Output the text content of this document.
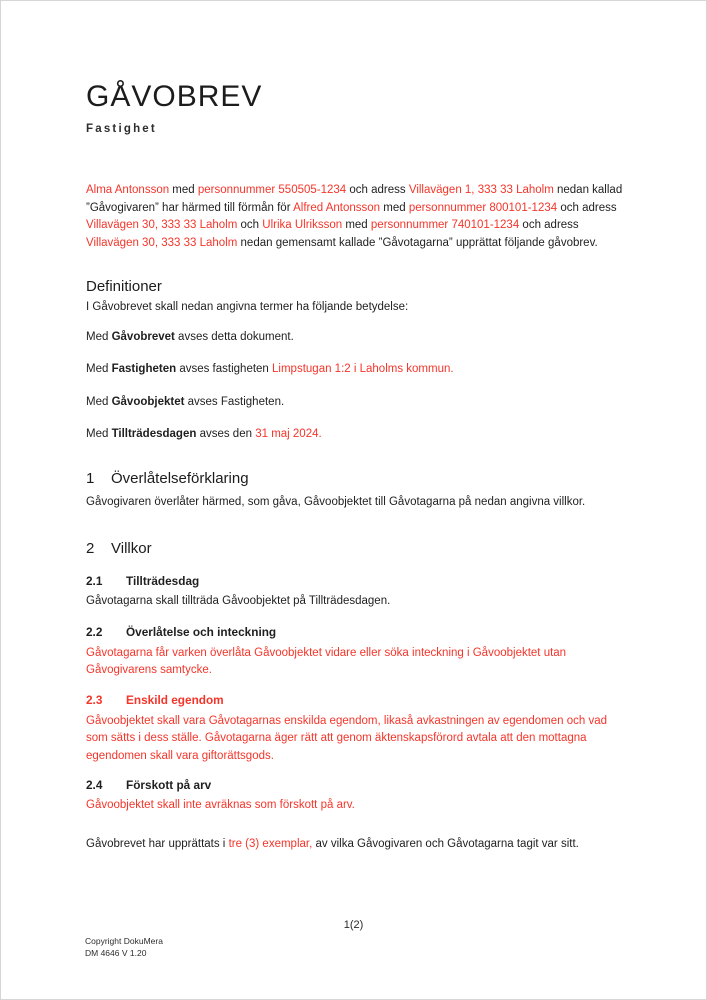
GÅVOBREV
Fastighet

Alma Antonsson med personnummer 550505-1234 och adress Villavägen 1, 333 33 Laholm nedan kallad ”Gåvogivaren” har härmed till förmån för Alfred Antonsson med personnummer 800101-1234 och adress Villavägen 30, 333 33 Laholm och Ulrika Ulriksson med personnummer 740101-1234 och adress Villavägen 30, 333 33 Laholm nedan gemensamt kallade ”Gåvotagarna” upprättat följande gåvobrev.

Definitioner

I Gåvobrevet skall nedan angivna termer ha följande betydelse:

Med Gåvobrevet avses detta dokument.

Med Fastigheten avses fastigheten Limpstugan 1:2 i Laholms kommun.

Med Gåvoobjektet avses Fastigheten.

Med Tillträdesdagen avses den 31 maj 2024.

1 Överlåtelseförklaring

Gåvogivaren överlåter härmed, som gåva, Gåvoobjektet till Gåvotagarna på nedan angivna villkor.

2 Villkor
2.1 Tillträdesdag

Gåvotagarna skall tillträda Gåvoobjektet på Tillträdesdagen.

2.2 Överlåtelse och inteckning

Gåvotagarna får varken överlåta Gåvoobjektet vidare eller söka inteckning i Gåvoobjektet utan Gåvogivarens samtycke.

2.3 Enskild egendom

Gåvoobjektet skall vara Gåvotagarnas enskilda egendom, likaså avkastningen av egendomen och vad som sätts i dess ställe. Gåvotagarna äger rätt att genom äktenskapsförord avtala att den mottagna egendomen skall vara giftorättsgods.

2.4 Förskott på arv

Gåvoobjektet skall inte avräknas som förskott på arv.

Gåvobrevet har upprättats i tre (3) exemplar, av vilka Gåvogivaren och Gåvotagarna tagit var sitt.

1(2)
Copyright DokuMera
DM 4646 V 1.20
